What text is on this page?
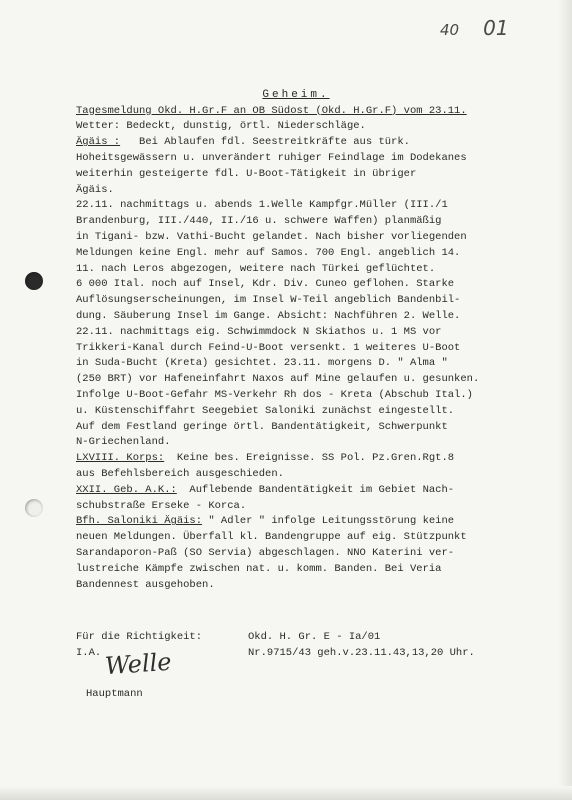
40 01

Geheim.
Tagesmeldung Okd. H.Gr.F an OB Südost (Okd. H.Gr.F) vom 23.11.
Wetter: Bedeckt, dunstig, örtl. Niederschläge.
Ägäis :   Bei Ablaufen fdl. Seestreitkräfte aus türk.
Hoheitsgewässern u. unverändert ruhiger Feindlage im Dodekanes
weiterhin gesteigerte fdl. U-Boot-Tätigkeit in übriger
Ägäis.
22.11. nachmittags u. abends 1.Welle Kampfgr.Müller (III./1
Brandenburg, III./440, II./16 u. schwere Waffen) planmäßig
in Tigani- bzw. Vathi-Bucht gelandet. Nach bisher vorliegenden
Meldungen keine Engl. mehr auf Samos. 700 Engl. angeblich 14.
11. nach Leros abgezogen, weitere nach Türkei geflüchtet.
6 000 Ital. noch auf Insel, Kdr. Div. Cuneo geflohen. Starke
Auflösungserscheinungen, im Insel W-Teil angeblich Bandenbil-
dung. Säuberung Insel im Gange. Absicht: Nachführen 2. Welle.
22.11. nachmittags eig. Schwimmdock N Skiathos u. 1 MS vor
Trikkeri-Kanal durch Feind-U-Boot versenkt. 1 weiteres U-Boot
in Suda-Bucht (Kreta) gesichtet. 23.11. morgens D. " Alma "
(250 BRT) vor Hafeneinfahrt Naxos auf Mine gelaufen u. gesunken.
Infolge U-Boot-Gefahr MS-Verkehr Rh dos - Kreta (Abschub Ital.)
u. Küstenschiffahrt Seegebiet Saloniki zunächst eingestellt.
Auf dem Festland geringe örtl. Bandentätigkeit, Schwerpunkt
N-Griechenland.
LXVIII. Korps:  Keine bes. Ereignisse. SS Pol. Pz.Gren.Rgt.8
aus Befehlsbereich ausgeschieden.
XXII. Geb. A.K.:  Auflebende Bandentätigkeit im Gebiet Nach-
schubstraße Erseke - Korca.
Bfh. Saloniki Ägäis: " Adler " infolge Leitungsstörung keine
neuen Meldungen. Überfall kl. Bandengruppe auf eig. Stützpunkt
Sarandaporon-Paß (SO Servia) abgeschlagen. NNO Katerini ver-
lustreiche Kämpfe zwischen nat. u. komm. Banden. Bei Veria
Bandennest ausgehoben.
Für die Richtigkeit:
I.A.
Okd. H. Gr. E - Ia/01
Nr.9715/43 geh.v.23.11.43,13,20 Uhr.
Welle
Hauptmann
